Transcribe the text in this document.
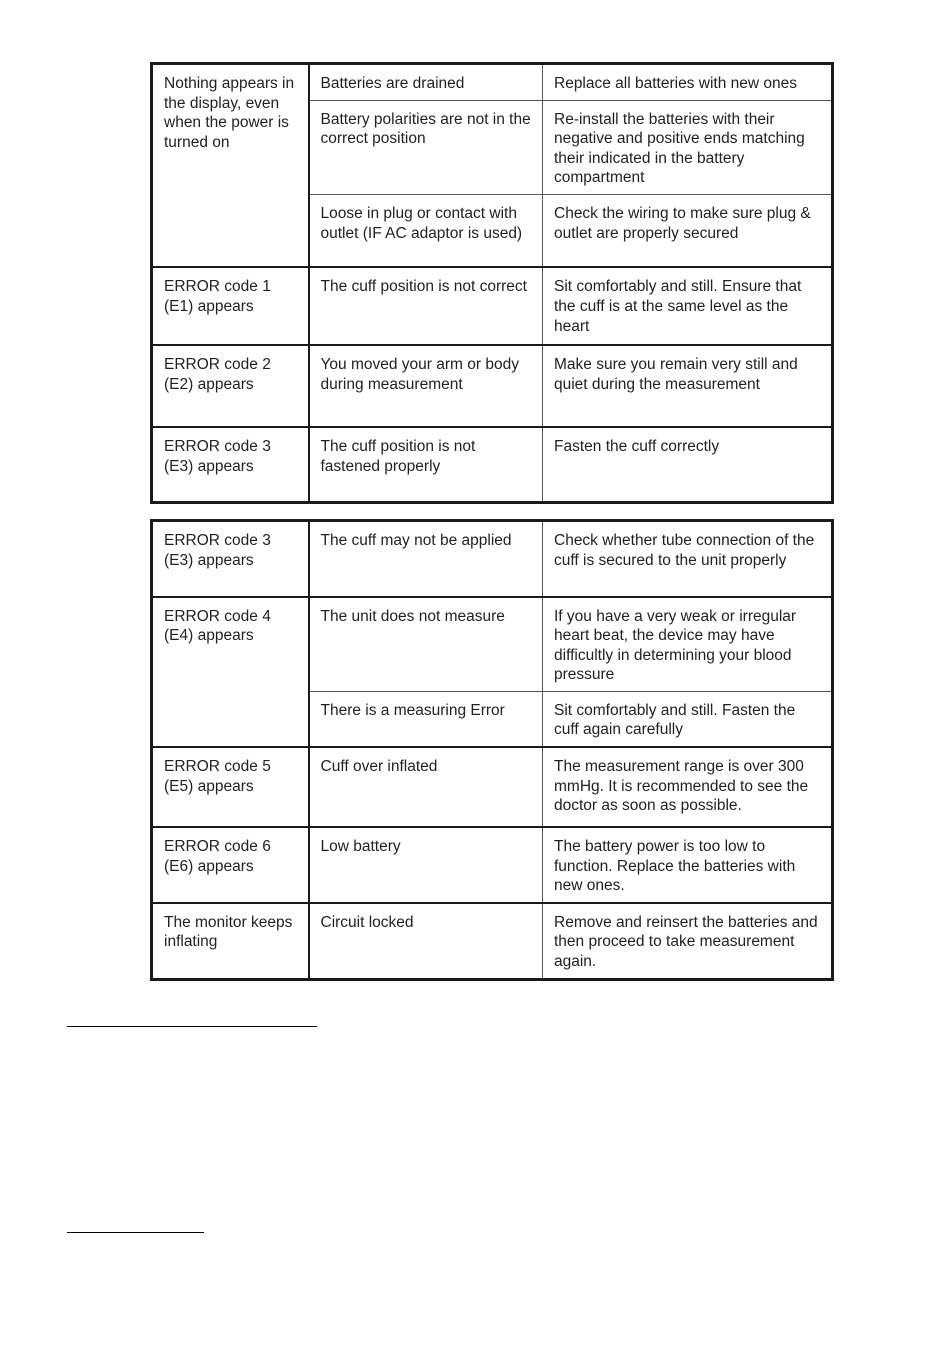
Nothing appears in the display, even when the power is turned on	Batteries are drained	Replace all batteries with new ones
	Battery polarities are not in the correct position	Re-install the batteries with their negative and positive ends matching their indicated in the battery compartment
	Loose in plug or contact with outlet (IF AC adaptor is used)	Check the wiring to make sure plug & outlet are properly secured
ERROR code 1 (E1) appears	The cuff position is not correct	Sit comfortably and still. Ensure that the cuff is at the same level as the heart
ERROR code 2 (E2) appears	You moved your arm or body during measurement	Make sure you remain very still and quiet during the measurement
ERROR code 3 (E3) appears	The cuff position is not fastened properly	Fasten the cuff correctly
ERROR code 3 (E3) appears	The cuff may not be applied	Check whether tube connection of the cuff is secured to the unit properly
ERROR code 4 (E4) appears	The unit does not measure	If you have a very weak or irregular heart beat, the device may have difficultly in determining your blood pressure
	There is a measuring Error	Sit comfortably and still. Fasten the cuff again carefully
ERROR code 5 (E5) appears	Cuff over inflated	The measurement range is over 300 mmHg. It is recommended to see the doctor as soon as possible.
ERROR code 6 (E6) appears	Low battery	The battery power is too low to function. Replace the batteries with new ones.
The monitor keeps inflating	Circuit locked	Remove and reinsert the batteries and then proceed to take measurement again.
